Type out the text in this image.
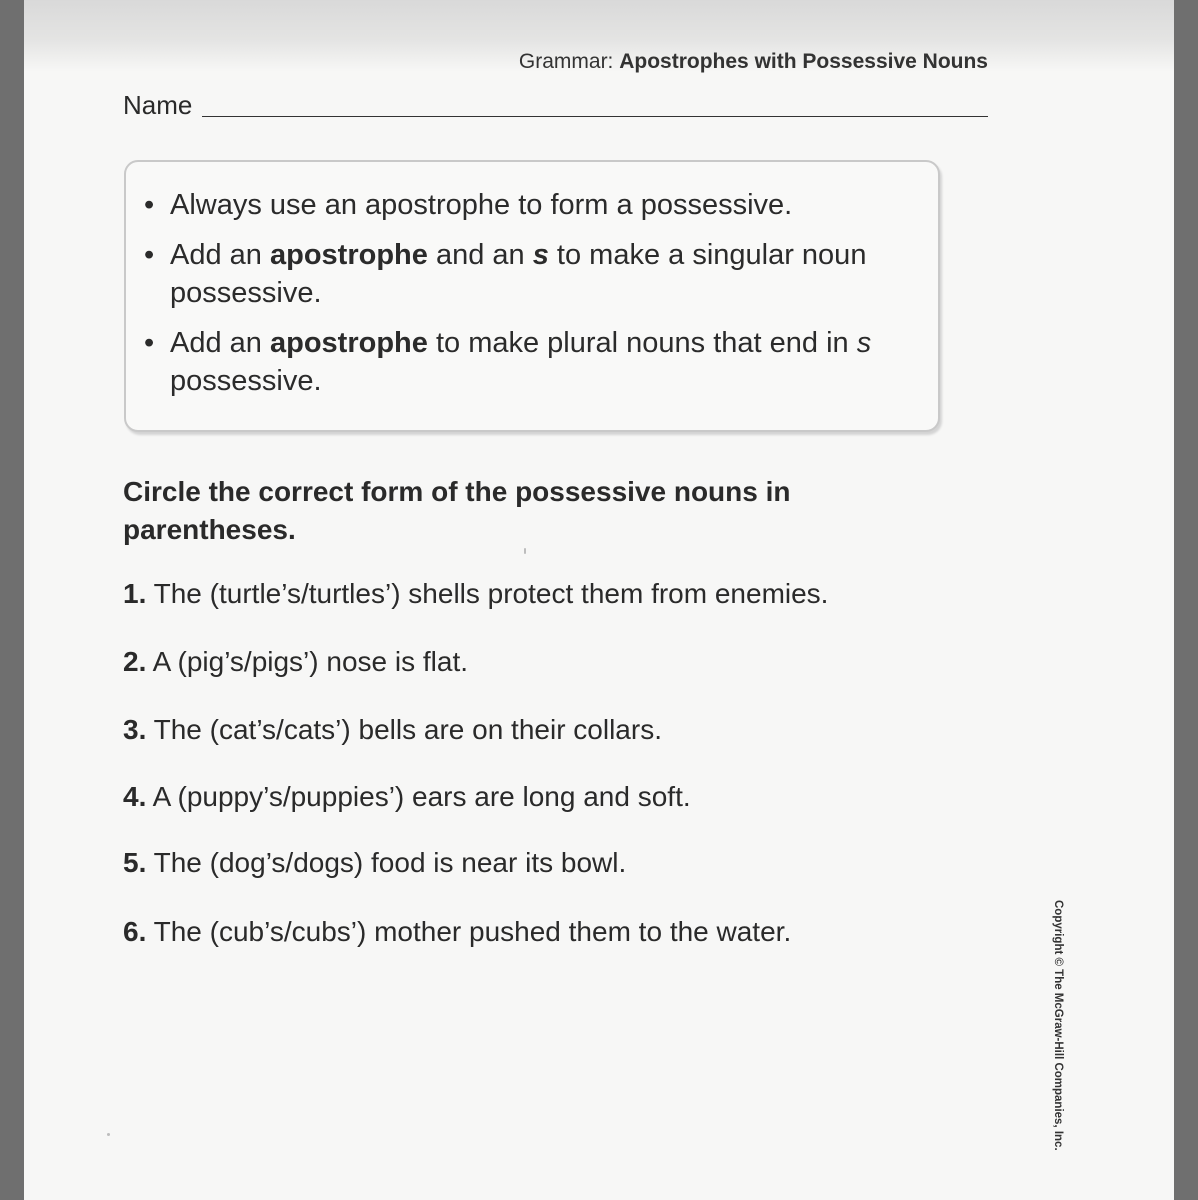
Grammar: Apostrophes with Possessive Nouns
Name
• Always use an apostrophe to form a possessive.
• Add an apostrophe and an s to make a singular noun possessive.
• Add an apostrophe to make plural nouns that end in s possessive.
Circle the correct form of the possessive nouns in parentheses.
1. The (turtle’s/turtles’) shells protect them from enemies.
2. A (pig’s/pigs’) nose is flat.
3. The (cat’s/cats’) bells are on their collars.
4. A (puppy’s/puppies’) ears are long and soft.
5. The (dog’s/dogs) food is near its bowl.
6. The (cub’s/cubs’) mother pushed them to the water.	Copyright © The McGraw-Hill Companies, Inc.
